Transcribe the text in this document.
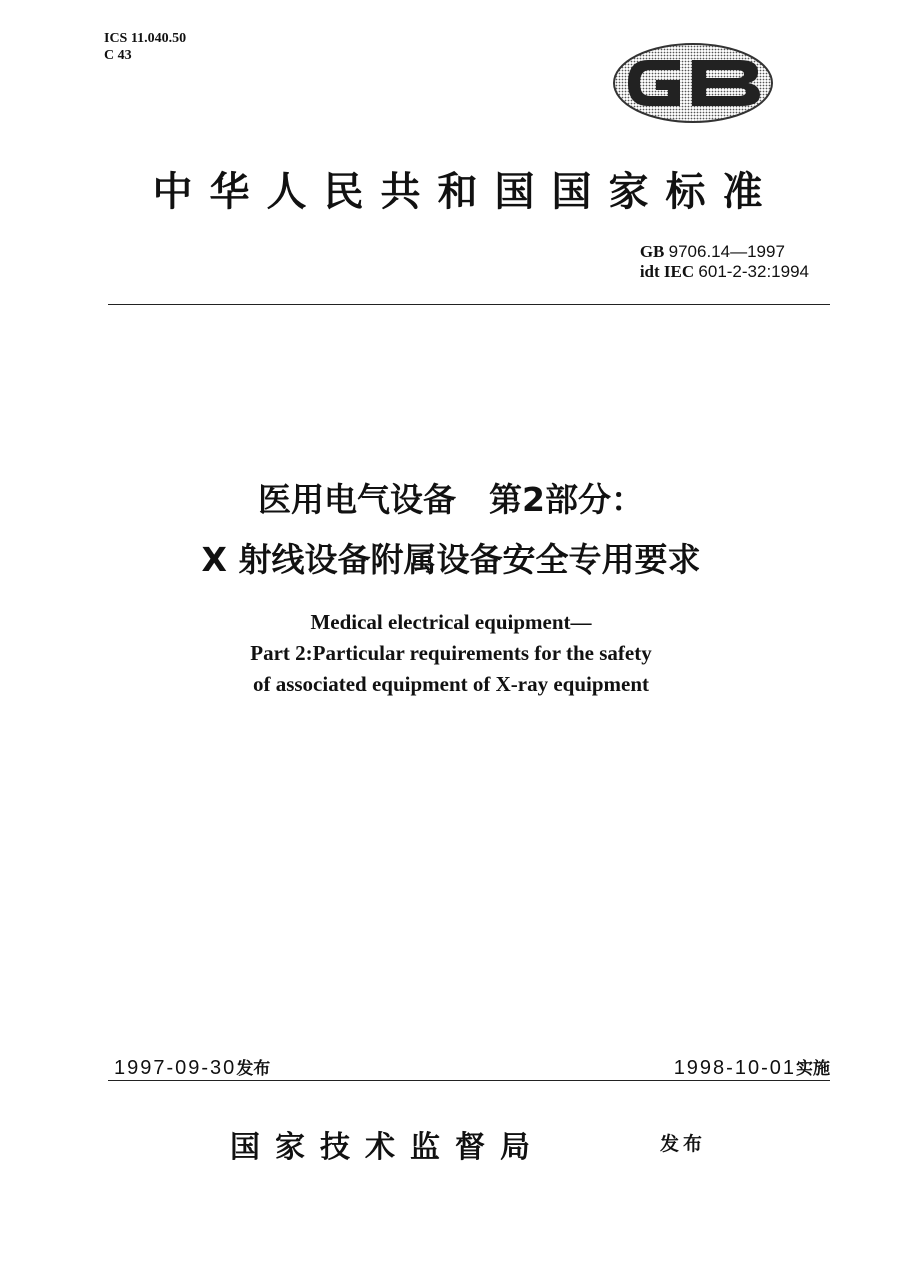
ICS 11.040.50
C 43
中华人民共和国国家标准
GB 9706.14—1997
idt IEC 601-2-32:1994
医用电气设备　第2部分：
X 射线设备附属设备安全专用要求
Medical electrical equipment—
Part 2:Particular requirements for the safety
of associated equipment of X-ray equipment
1997-09-30发布	1998-10-01实施
国家技术监督局	发布
